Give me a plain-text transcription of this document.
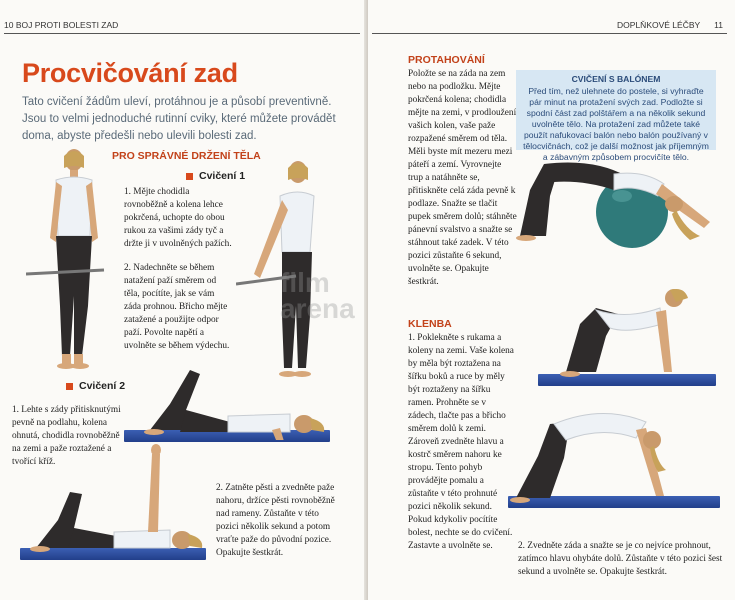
10 BOJ PROTI BOLESTI ZAD
Procvičování zad
Tato cvičení žádům uleví, protáhnou je a působí preventivně. Jsou to velmi jednoduché rutinní cviky, které můžete provádět doma, abyste předešli nebo ulevili bolesti zad.
PRO SPRÁVNÉ DRŽENÍ TĚLA
Cvičení 1
1. Mějte chodidla rovnoběžně a kolena lehce pokrčená, uchopte do obou rukou za vašimi zády tyč a držte ji v uvolněných pažích.
2. Nadechněte se během natažení paží směrem od těla, pocítíte, jak se vám záda prohnou. Břicho mějte zatažené a použijte odpor paží. Povolte napětí a uvolněte se během výdechu.
Cvičení 2
1. Lehte s zády přitisknutými pevně na podlahu, kolena ohnutá, chodidla rovnoběžně na zemi a paže roztažené a tvořící kříž.
2. Zatněte pěsti a zvedněte paže nahoru, držíce pěsti rovnoběžně nad rameny. Zůstaňte v této pozici několik sekund a potom vraťte paže do původní pozice. Opakujte šestkrát.
DOPLŇKOVÉ LÉČBY 11
PROTAHOVÁNÍ
Položte se na záda na zem nebo na podložku. Mějte pokrčená kolena; chodidla mějte na zemi, v prodloužení vašich kolen, vaše paže rozpažené směrem od těla. Měli byste mít mezeru mezi páteří a zemí. Vyrovnejte trup a natáhněte se, přitiskněte celá záda pevně k podlaze. Snažte se tlačit pupek směrem dolů; stáhněte pánevní svalstvo a snažte se stáhnout také zadek. V této pozici zůstaňte 6 sekund, uvolněte se. Opakujte šestkrát.
CVIČENÍ S BALÓNEM
Před tím, než ulehnete do postele, si vyhraďte pár minut na protažení svých zad. Podložte si spodní část zad polštářem a na několik sekund uvolněte tělo. Na protažení zad můžete také použít nafukovací balón nebo balón používaný v tělocvičnách, což je další možnost jak příjemným a zábavným způsobem procvičíte tělo.
KLENBA
1. Poklekněte s rukama a koleny na zemi. Vaše kolena by měla být roztažena na šířku boků a ruce by měly být roztaženy na šířku ramen. Prohněte se v zádech, tlačte pas a břicho směrem dolů k zemi. Zároveň zvedněte hlavu a kostrč směrem nahoru ke stropu. Tento pohyb provádějte pomalu a zůstaňte v této prohnuté pozici několik sekund. Pokud kdykoliv pocítíte bolest, nechte se do cvičení. Zastavte a uvolněte se.	2. Zvedněte záda a snažte se je co nejvíce prohnout, zatímco hlavu ohybáte dolů. Zůstaňte v této pozici šest sekund a uvolněte se. Opakujte šestkrát.
film arena
